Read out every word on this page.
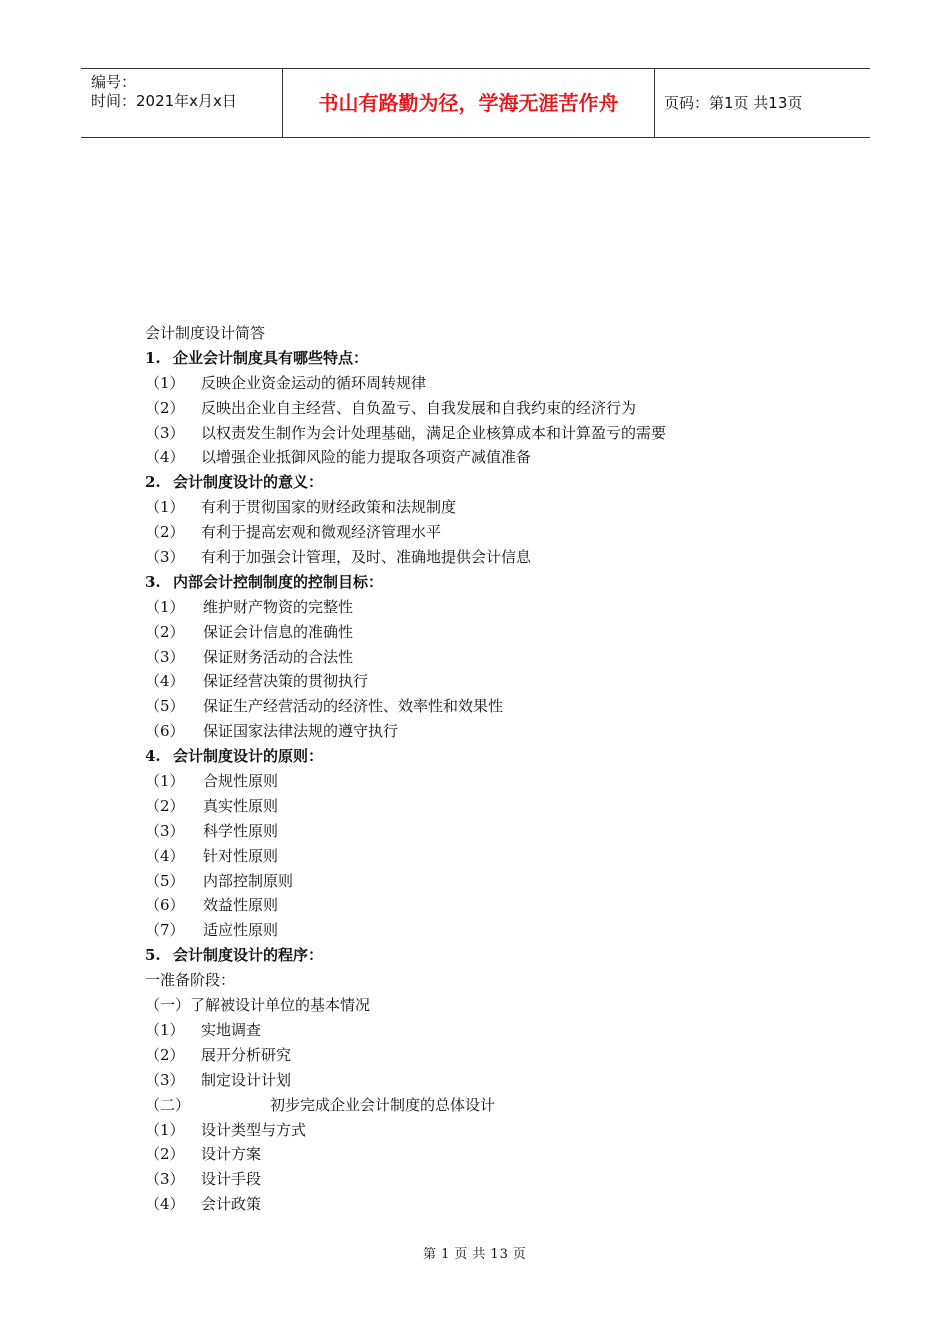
编号：
时间：2021年x月x日	书山有路勤为径，学海无涯苦作舟	页码：第1页 共13页
会计制度设计简答
1. 企业会计制度具有哪些特点：
（1） 反映企业资金运动的循环周转规律
（2） 反映出企业自主经营、自负盈亏、自我发展和自我约束的经济行为
（3） 以权责发生制作为会计处理基础，满足企业核算成本和计算盈亏的需要
（4） 以增强企业抵御风险的能力提取各项资产减值准备
2. 会计制度设计的意义：
（1） 有利于贯彻国家的财经政策和法规制度
（2） 有利于提高宏观和微观经济管理水平
（3） 有利于加强会计管理，及时、准确地提供会计信息
3. 内部会计控制制度的控制目标：
（1） 维护财产物资的完整性
（2） 保证会计信息的准确性
（3） 保证财务活动的合法性
（4） 保证经营决策的贯彻执行
（5） 保证生产经营活动的经济性、效率性和效果性
（6） 保证国家法律法规的遵守执行
4. 会计制度设计的原则：
（1） 合规性原则
（2） 真实性原则
（3） 科学性原则
（4） 针对性原则
（5） 内部控制原则
（6） 效益性原则
（7） 适应性原则
5. 会计制度设计的程序：
一准备阶段：
（一）了解被设计单位的基本情况
（1） 实地调查
（2） 展开分析研究
（3） 制定设计计划
（二）	初步完成企业会计制度的总体设计
（1） 设计类型与方式
（2） 设计方案
（3） 设计手段
（4） 会计政策
第 1 页 共 13 页
